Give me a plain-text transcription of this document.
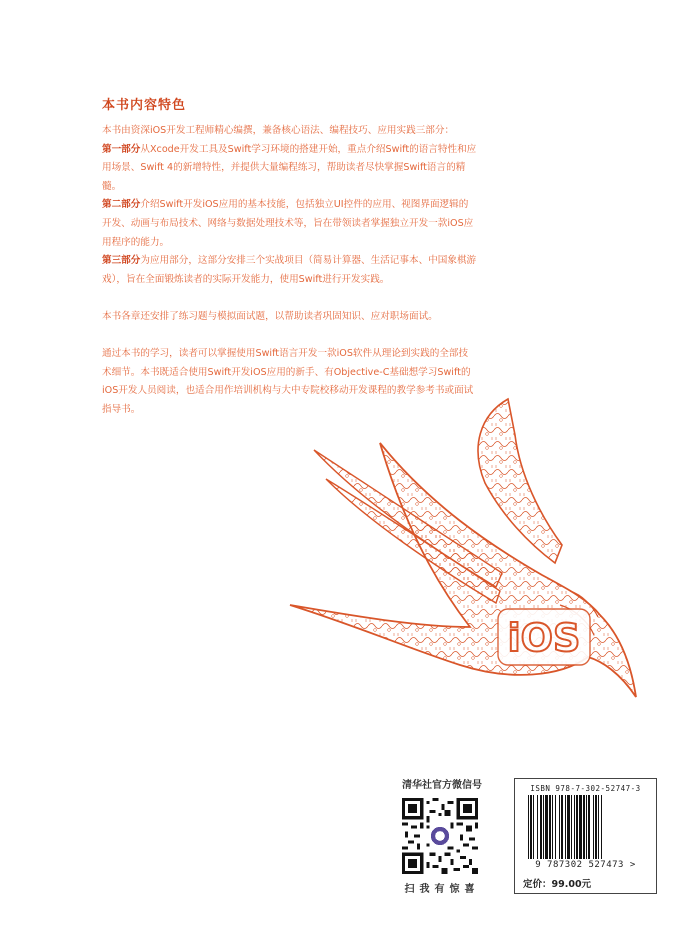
本书内容特色

本书由资深iOS开发工程师精心编撰，兼备核心语法、编程技巧、应用实践三部分：

第一部分从Xcode开发工具及Swift学习环境的搭建开始，重点介绍Swift的语言特性和应用场景、Swift 4的新增特性，并提供大量编程练习，帮助读者尽快掌握Swift语言的精髓。

第二部分介绍Swift开发iOS应用的基本技能，包括独立UI控件的应用、视图界面逻辑的开发、动画与布局技术、网络与数据处理技术等，旨在带领读者掌握独立开发一款iOS应用程序的能力。

第三部分为应用部分，这部分安排三个实战项目（简易计算器、生活记事本、中国象棋游戏），旨在全面锻炼读者的实际开发能力，使用Swift进行开发实践。

本书各章还安排了练习题与模拟面试题，以帮助读者巩固知识、应对职场面试。

通过本书的学习，读者可以掌握使用Swift语言开发一款iOS软件从理论到实践的全部技术细节。本书既适合使用Swift开发iOS应用的新手、有Objective-C基础想学习Swift的iOS开发人员阅读，也适合用作培训机构与大中专院校移动开发课程的教学参考书或面试指导书。

iOS
清华社官方微信号
扫我有惊喜
ISBN 978-7-302-52747-3
9 787302 527473 >
定价：99.00元
